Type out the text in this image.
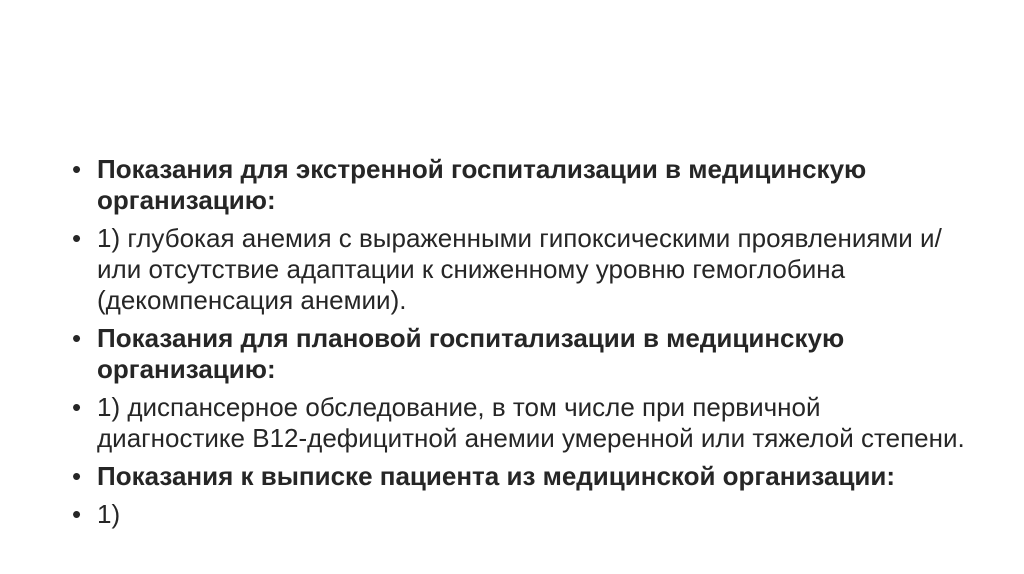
• Показания для экстренной госпитализации в медицинскую организацию:
• 1) глубокая анемия с выраженными гипоксическими проявлениями и/или отсутствие адаптации к сниженному уровню гемоглобина (декомпенсация анемии).
• Показания для плановой госпитализации в медицинскую организацию:
• 1) диспансерное обследование, в том числе при первичной диагностике B12-дефицитной анемии умеренной или тяжелой степени.
• Показания к выписке пациента из медицинской организации:
• 1)
